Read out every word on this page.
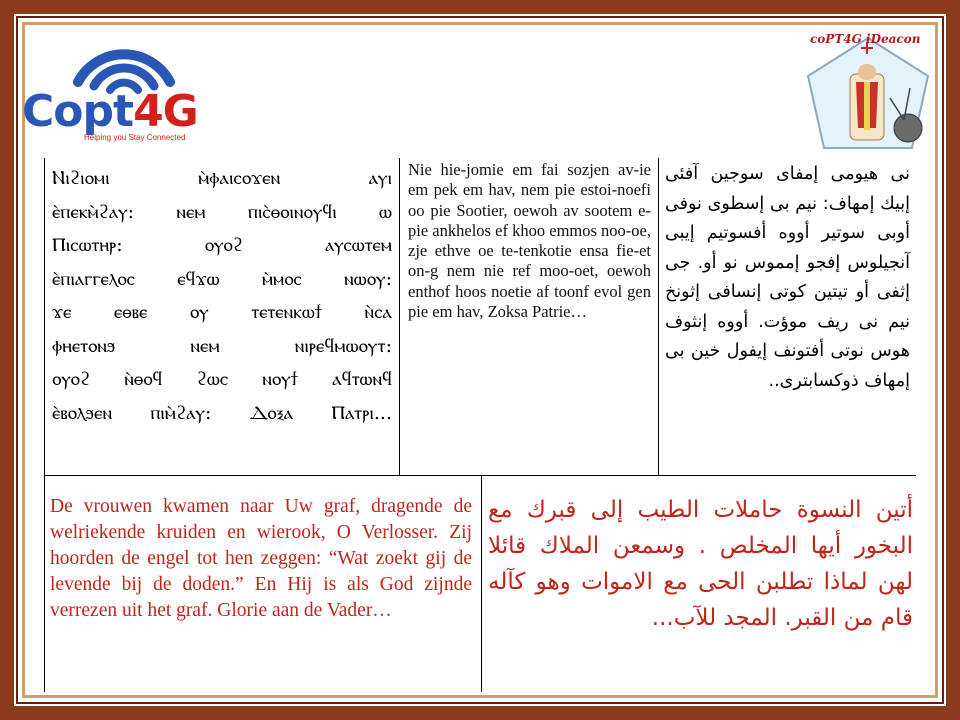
Copt4G
Helping you Stay Connected
coPT4G iDeacon
Ⲛⲓϩⲓⲟⲙⲓ ⲙ̀ⲫⲁⲓⲥⲟϫⲉⲛ ⲁⲩⲓ
ⲉ̀ⲡⲉⲕⲙ̀ϩⲁⲩ: ⲛⲉⲙ ⲡⲓⲥ̀ⲑⲟⲓⲛⲟⲩϥⲓ ⲱ
Ⲡⲓⲥⲱⲧⲏⲣ: ⲟⲩⲟϩ ⲁⲩⲥⲱⲧⲉⲙ
ⲉ̀ⲡⲓⲁⲅⲅⲉⲗⲟⲥ ⲉϥϫⲱ ⲙ̀ⲙⲟⲥ ⲛⲱⲟⲩ:
ϫⲉ ⲉⲑⲃⲉ ⲟⲩ ⲧⲉⲧⲉⲛⲕⲱϯ ⲛ̀ⲥⲁ
ⲫⲏⲉⲧⲟⲛϧ ⲛⲉⲙ ⲛⲓⲣⲉϥⲙⲱⲟⲩⲧ:
ⲟⲩⲟϩ ⲛ̀ⲑⲟϥ ϩⲱⲥ ⲛⲟⲩϯ ⲁϥⲧⲱⲛϥ
ⲉ̀ⲃⲟⲗϧⲉⲛ ⲡⲓⲙ̀ϩⲁⲩ: Ⲇⲟⲝⲁ Ⲡⲁⲧⲣⲓ...
Nie hie-jomie em fai sozjen av-ie em pek em hav, nem pie estoi-noefi oo pie Sootier, oewoh av sootem e-pie ankhelos ef khoo emmos noo-oe, zje ethve oe te-tenkotie ensa fie-et on-g nem nie ref moo-oet, oewoh enthof hoos noetie af toonf evol gen pie em hav, Zoksa Patrie…
نى هيومى إمفاى سوجين آفئى إبيك إمهاف: نيم بى إسطوى نوفى أوبى سوتير أووه أفسوتيم إيبى آنجيلوس إفجو إمموس نو أو. جى إثفى أو تيتين كوتى إنسافى إثونخ نيم نى ريف موؤت. أووه إنثوف هوس نوتى أفتونف إيفول خين بى إمهاف ذوكسابترى..
De vrouwen kwamen naar Uw graf, dragende de welriekende kruiden en wierook, O Verlosser. Zij hoorden de engel tot hen zeggen: “Wat zoekt gij de levende bij de doden.” En Hij is als God zijnde verrezen uit het graf. Glorie aan de Vader…
أتين النسوة حاملات الطيب إلى قبرك مع البخور أيها المخلص . وسمعن الملاك قائلا لهن لماذا تطلبن الحى مع الاموات وهو كآله قام من القبر. المجد للآب...
